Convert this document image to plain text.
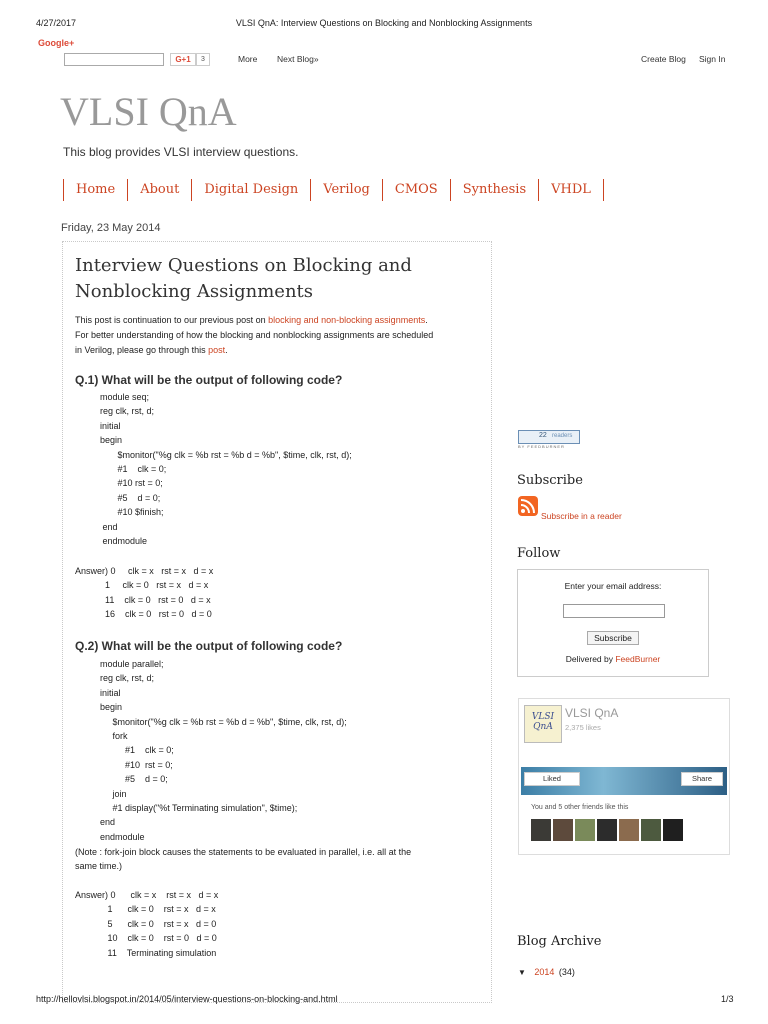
4/27/2017	VLSI QnA: Interview Questions on Blocking and Nonblocking Assignments
Google+
G+1	3	More Next Blog»	Create Blog Sign In
VLSI QnA
This blog provides VLSI interview questions.
Home	About	Digital Design	Verilog	CMOS	Synthesis	VHDL
Friday, 23 May 2014
Interview Questions on Blocking and
Nonblocking Assignments
This post is continuation to our previous post on blocking and non-blocking assignments.
For better understanding of how the blocking and nonblocking assignments are scheduled
in Verilog, please go through this post.
Q.1) What will be the output of following code?
module seq;
reg clk, rst, d;
initial
begin
$monitor("%g clk = %b rst = %b d = %b", $time, clk, rst, d);
#1    clk = 0;
#10 rst = 0;
#5    d = 0;
#10 $finish;
end
endmodule
Answer) 0     clk = x   rst = x   d = x
1     clk = 0   rst = x   d = x
11    clk = 0   rst = 0   d = x
16    clk = 0   rst = 0   d = 0
Q.2) What will be the output of following code?
module parallel;
reg clk, rst, d;
initial
begin
$monitor("%g clk = %b rst = %b d = %b", $time, clk, rst, d);
fork
#1    clk = 0;
#10  rst = 0;
#5    d = 0;
join
#1 display("%t Terminating simulation", $time);
end
endmodule
(Note : fork-join block causes the statements to be evaluated in parallel, i.e. all at the
same time.)
Answer) 0      clk = x    rst = x   d = x
1      clk = 0    rst = x   d = x
5      clk = 0    rst = x   d = 0
10    clk = 0    rst = 0   d = 0
11    Terminating simulation
22 readers
BY FEEDBURNER
Subscribe
Subscribe in a reader
Follow
Enter your email address:
Subscribe
Delivered by FeedBurner
VLSI
QnA
VLSI QnA
2,375 likes
Liked	Share
You and 5 other friends like this
Blog Archive
▼ 2014 (34)
http://hellovlsi.blogspot.in/2014/05/interview-questions-on-blocking-and.html	1/3
